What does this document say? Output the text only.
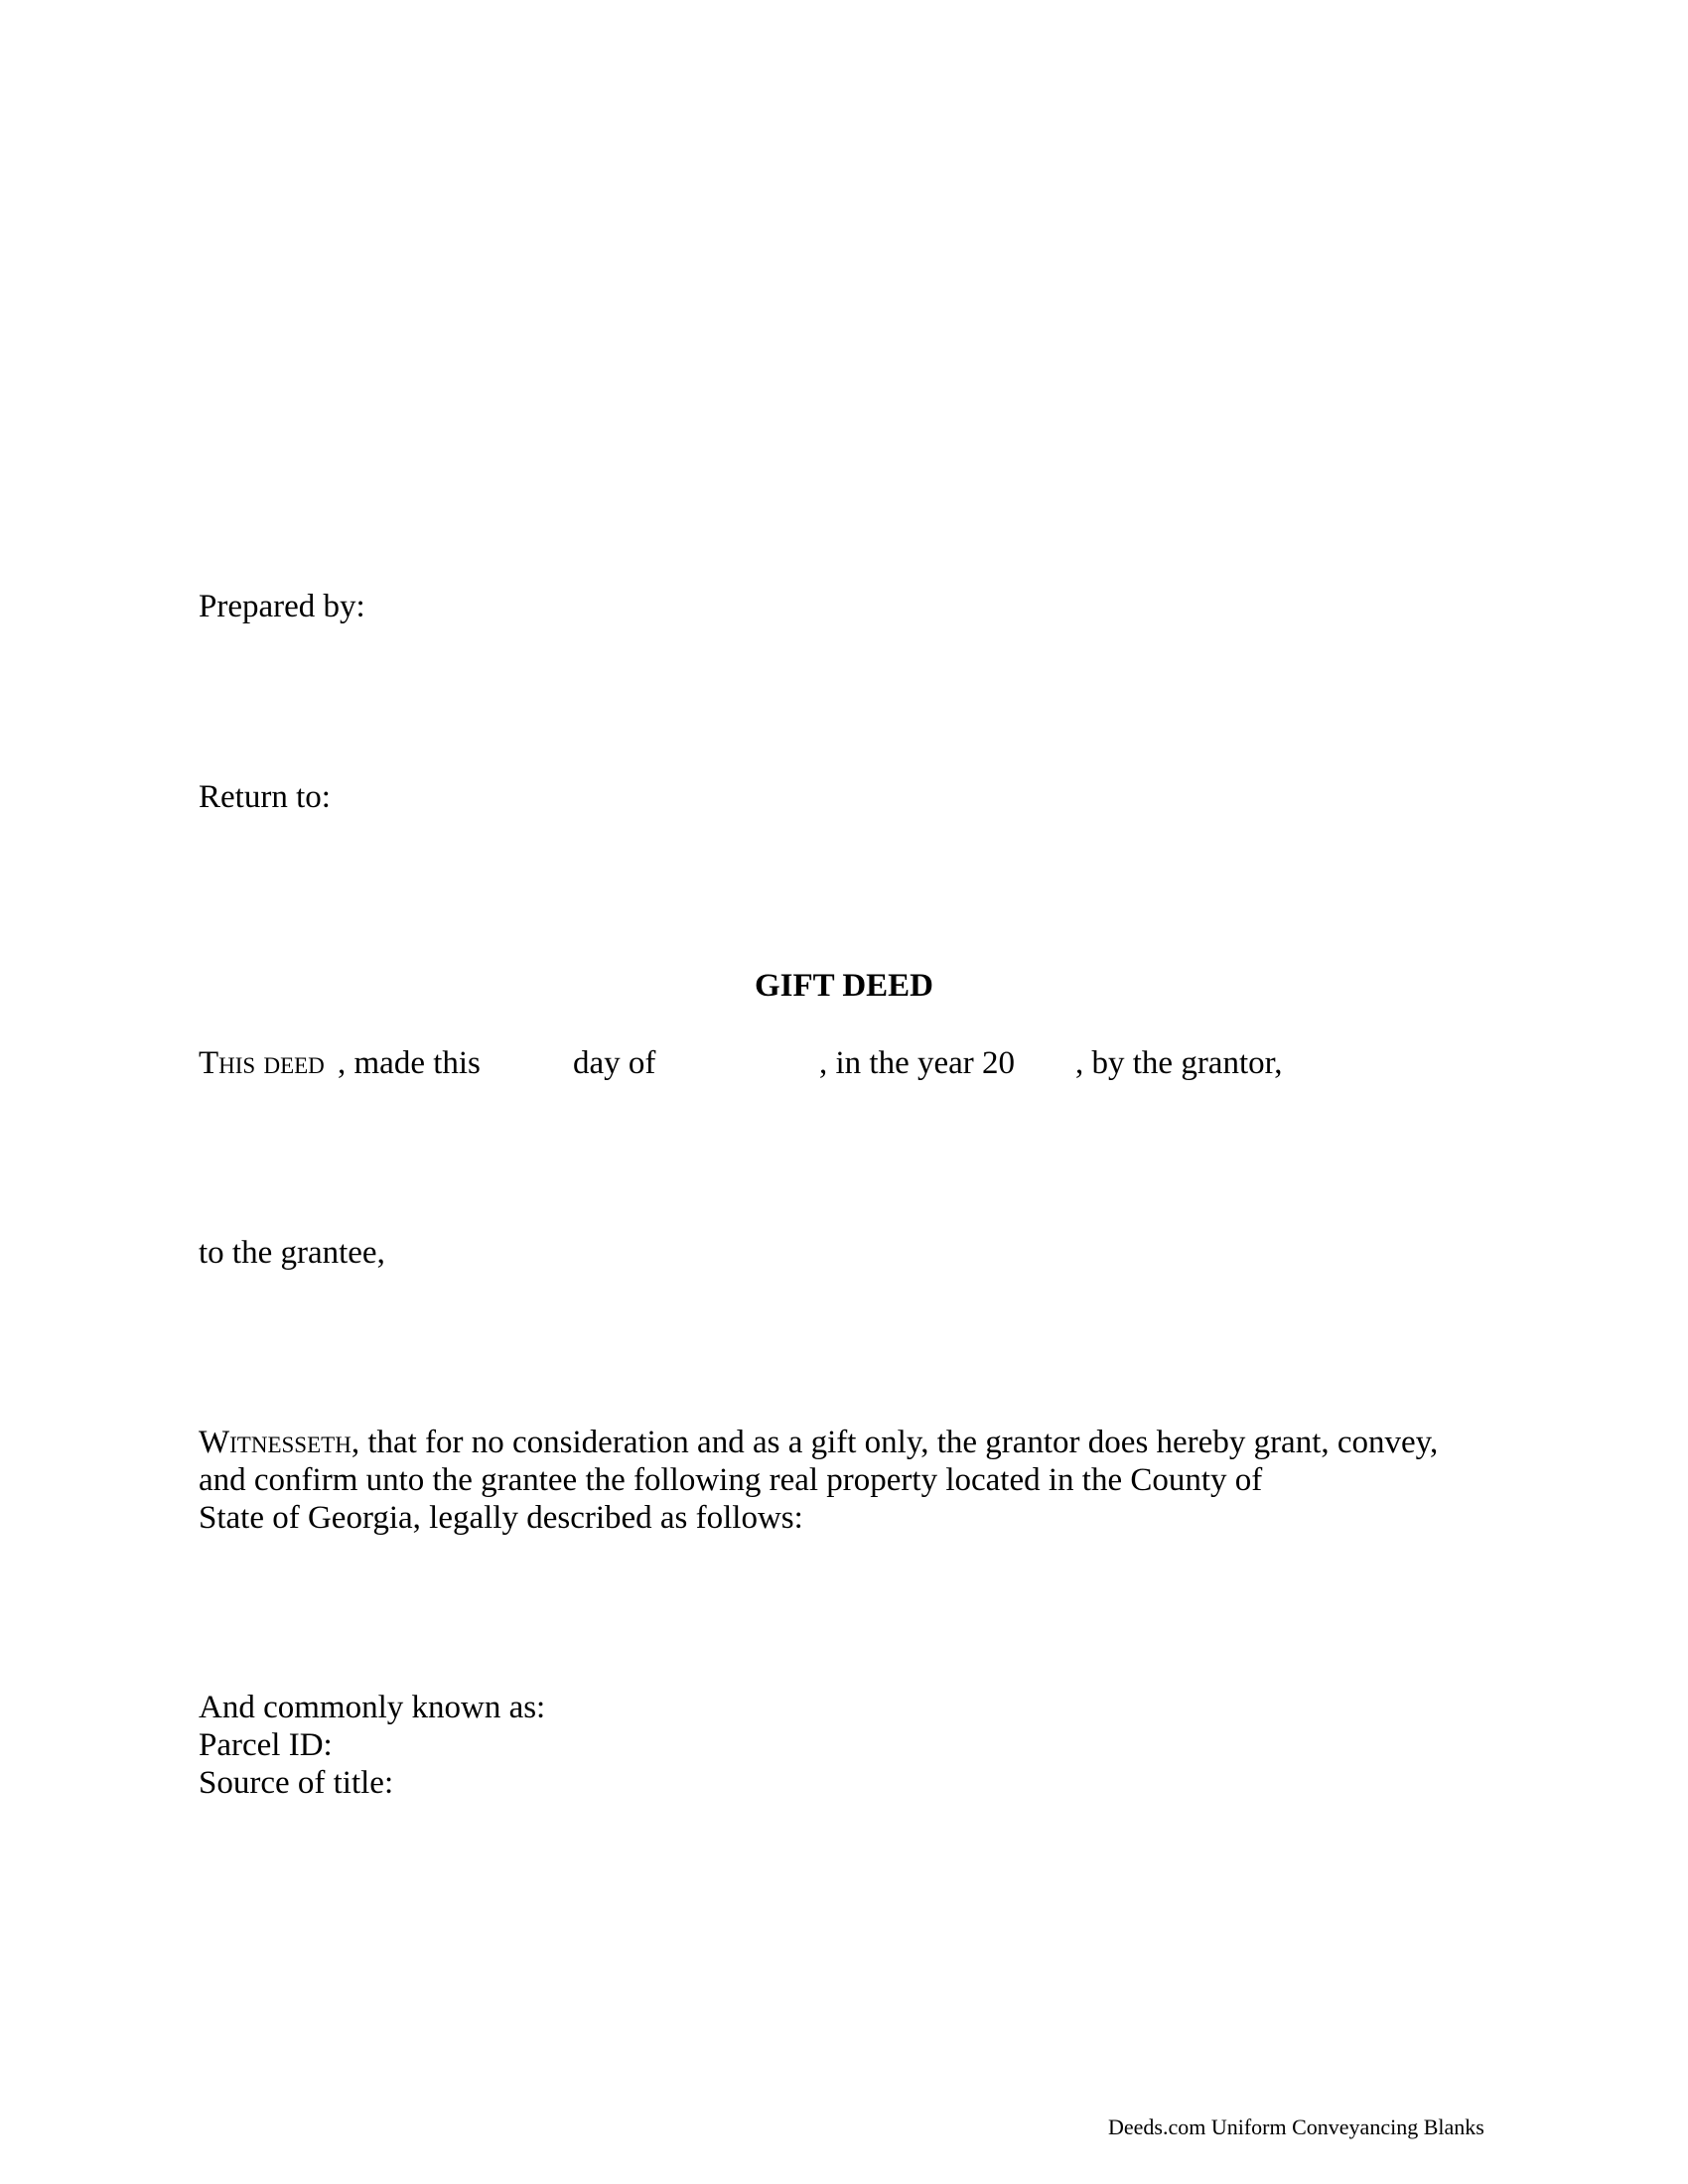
Prepared by:
Return to:
GIFT DEED
This deed , made this	day of	, in the year 20 , by the grantor,
to the grantee,
Witnesseth, that for no consideration and as a gift only, the grantor does hereby grant, convey,
and confirm unto the grantee the following real property located in the County of
State of Georgia, legally described as follows:
And commonly known as:
Parcel ID:
Source of title:
Deeds.com Uniform Conveyancing Blanks
